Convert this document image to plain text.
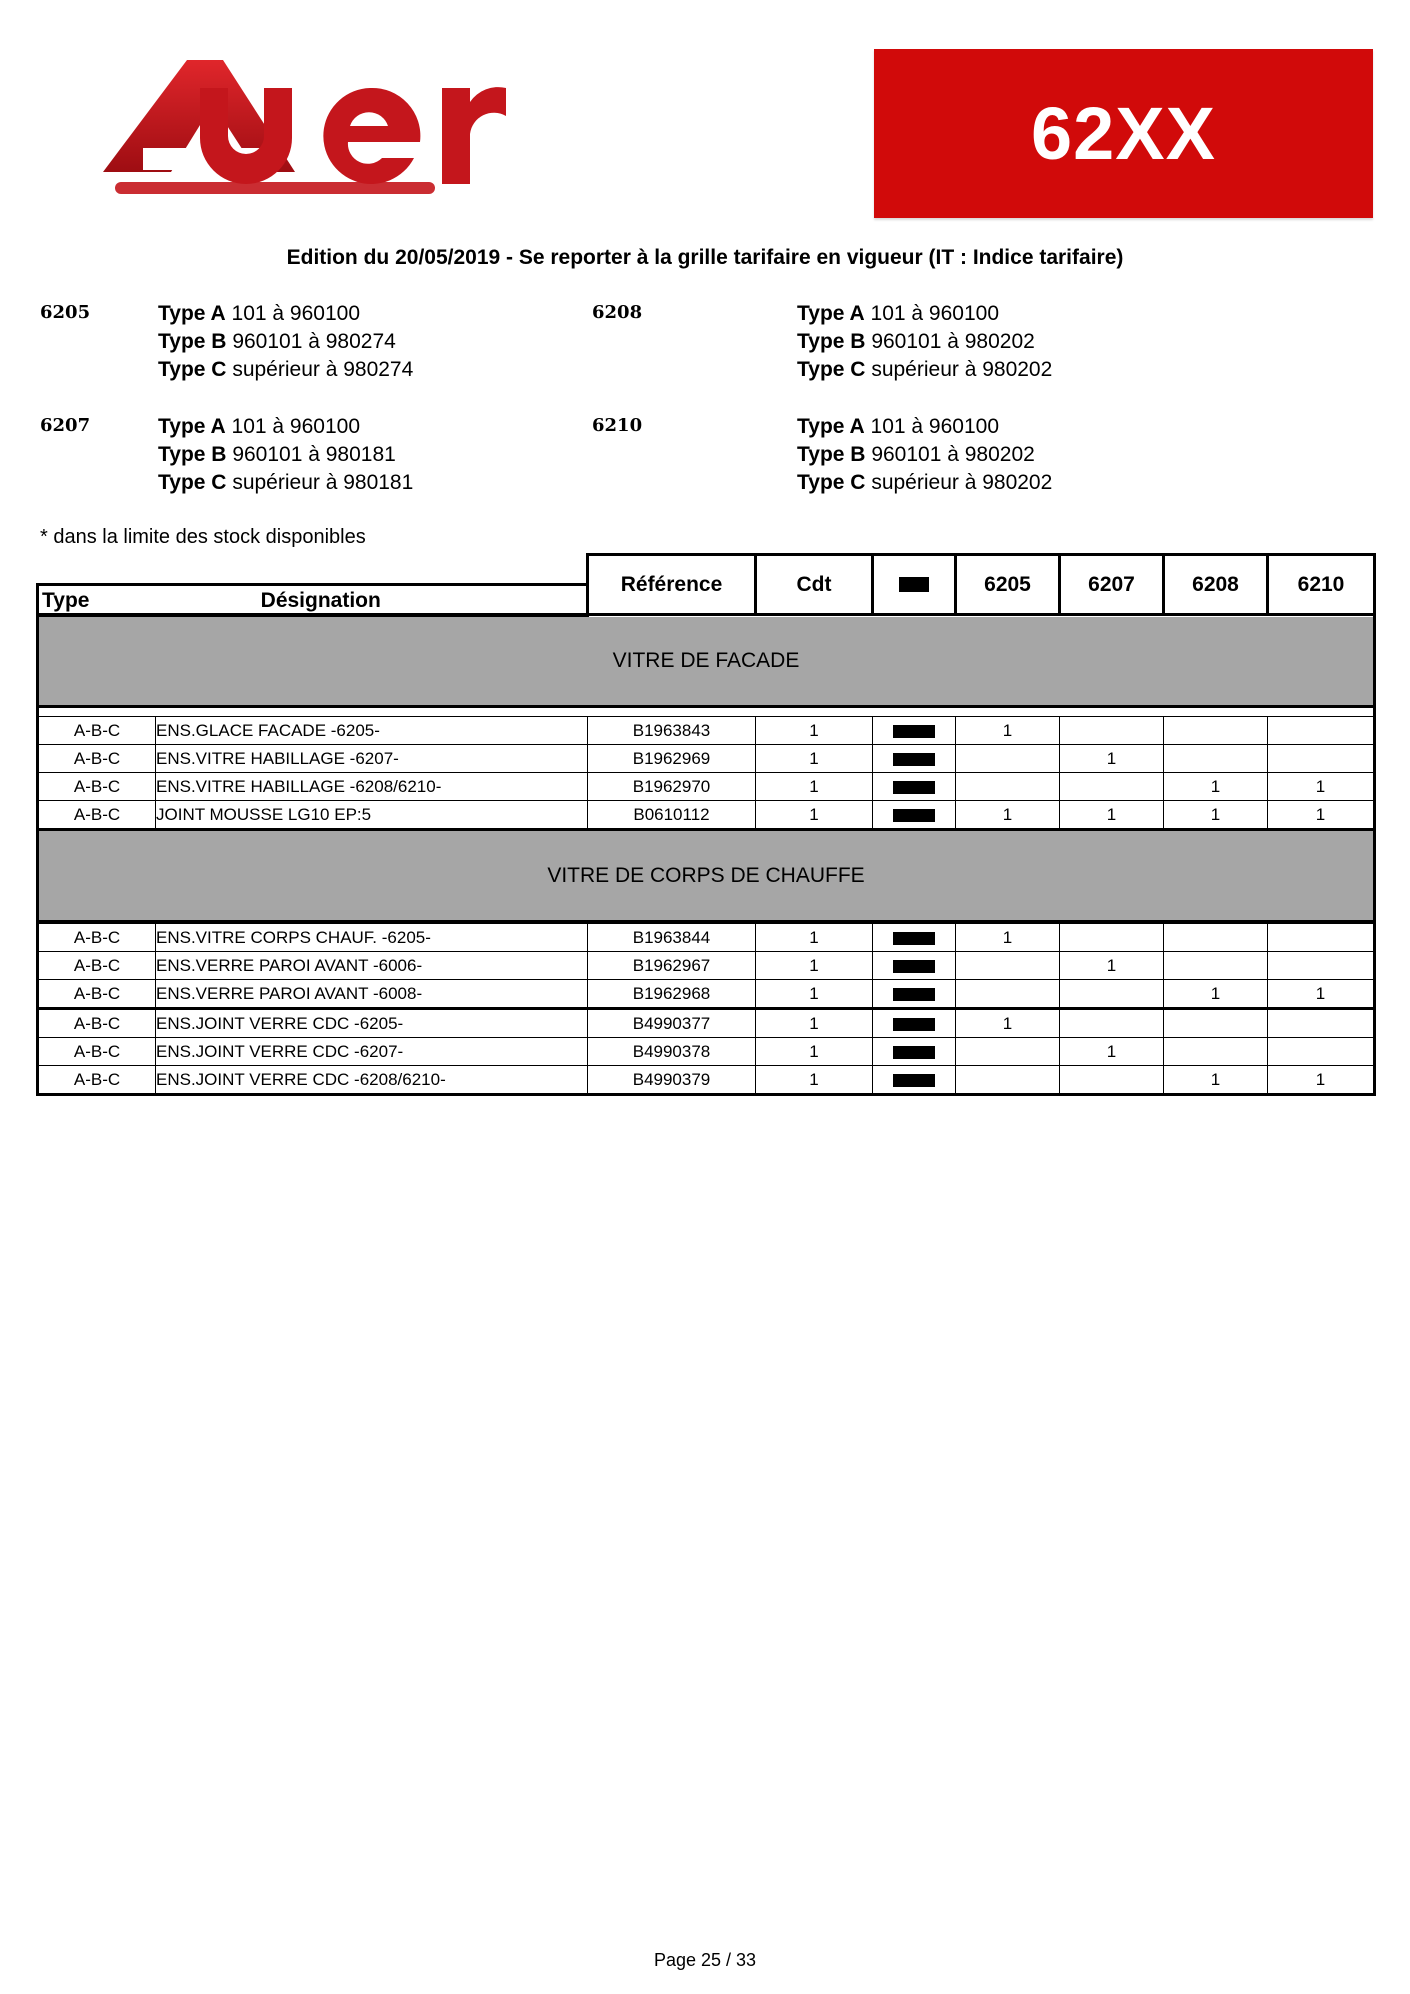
62XX
Edition du 20/05/2019 - Se reporter à la grille tarifaire en vigueur (IT : Indice tarifaire)
6205	Type A 101 à 960100
Type B 960101 à 980274
Type C supérieur à 980274
6208	Type A 101 à 960100
Type B 960101 à 980202
Type C supérieur à 980202
6207	Type A 101 à 960100
Type B 960101 à 980181
Type C supérieur à 980181
6210	Type A 101 à 960100
Type B 960101 à 980202
Type C supérieur à 980202
* dans la limite des stock disponibles
		Référence	Cdt		6205	6207	6208	6210
Type	Désignation							
VITRE DE FACADE								

A-B-C	ENS.GLACE FACADE -6205-	B1963843	1		1			
A-B-C	ENS.VITRE HABILLAGE -6207-	B1962969	1			1		
A-B-C	ENS.VITRE HABILLAGE -6208/6210-	B1962970	1				1	1
A-B-C	JOINT MOUSSE LG10 EP:5	B0610112	1		1	1	1	1
VITRE DE CORPS DE CHAUFFE								

A-B-C	ENS.VITRE CORPS CHAUF. -6205-	B1963844	1		1			
A-B-C	ENS.VERRE PAROI AVANT -6006-	B1962967	1			1		
A-B-C	ENS.VERRE PAROI AVANT -6008-	B1962968	1				1	1
A-B-C	ENS.JOINT VERRE CDC -6205-	B4990377	1		1			
A-B-C	ENS.JOINT VERRE CDC -6207-	B4990378	1			1		
A-B-C	ENS.JOINT VERRE CDC -6208/6210-	B4990379	1				1	1
Page 25 / 33
